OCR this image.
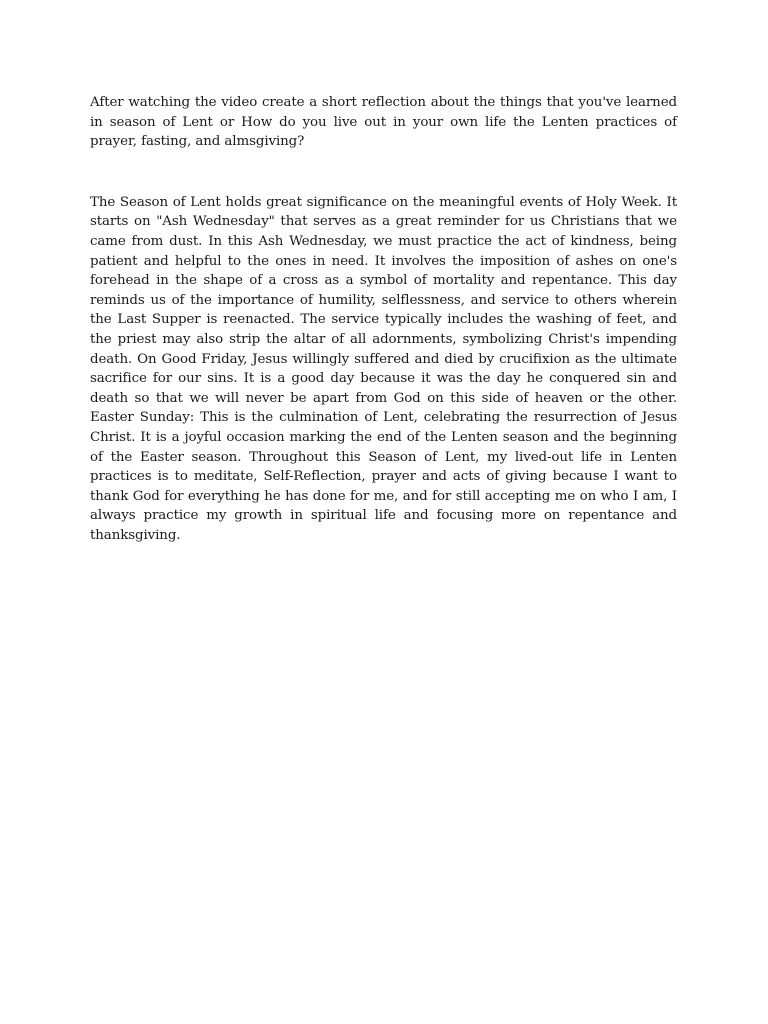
After watching the video create a short reflection about the things that you've learned in season of Lent or How do you live out in your own life the Lenten practices of prayer, fasting, and almsgiving?

The Season of Lent holds great significance on the meaningful events of Holy Week. It starts on "Ash Wednesday" that serves as a great reminder for us Christians that we came from dust. In this Ash Wednesday, we must practice the act of kindness, being patient and helpful to the ones in need. It involves the imposition of ashes on one's forehead in the shape of a cross as a symbol of mortality and repentance. This day reminds us of the importance of humility, selflessness, and service to others wherein the Last Supper is reenacted. The service typically includes the washing of feet, and the priest may also strip the altar of all adornments, symbolizing Christ's impending death. On Good Friday, Jesus willingly suffered and died by crucifixion as the ultimate sacrifice for our sins. It is a good day because it was the day he conquered sin and death so that we will never be apart from God on this side of heaven or the other. Easter Sunday: This is the culmination of Lent, celebrating the resurrection of Jesus Christ. It is a joyful occasion marking the end of the Lenten season and the beginning of the Easter season. Throughout this Season of Lent, my lived-out life in Lenten practices is to meditate, Self-Reflection, prayer and acts of giving because I want to thank God for everything he has done for me, and for still accepting me on who I am, I always practice my growth in spiritual life and focusing more on repentance and thanksgiving.
